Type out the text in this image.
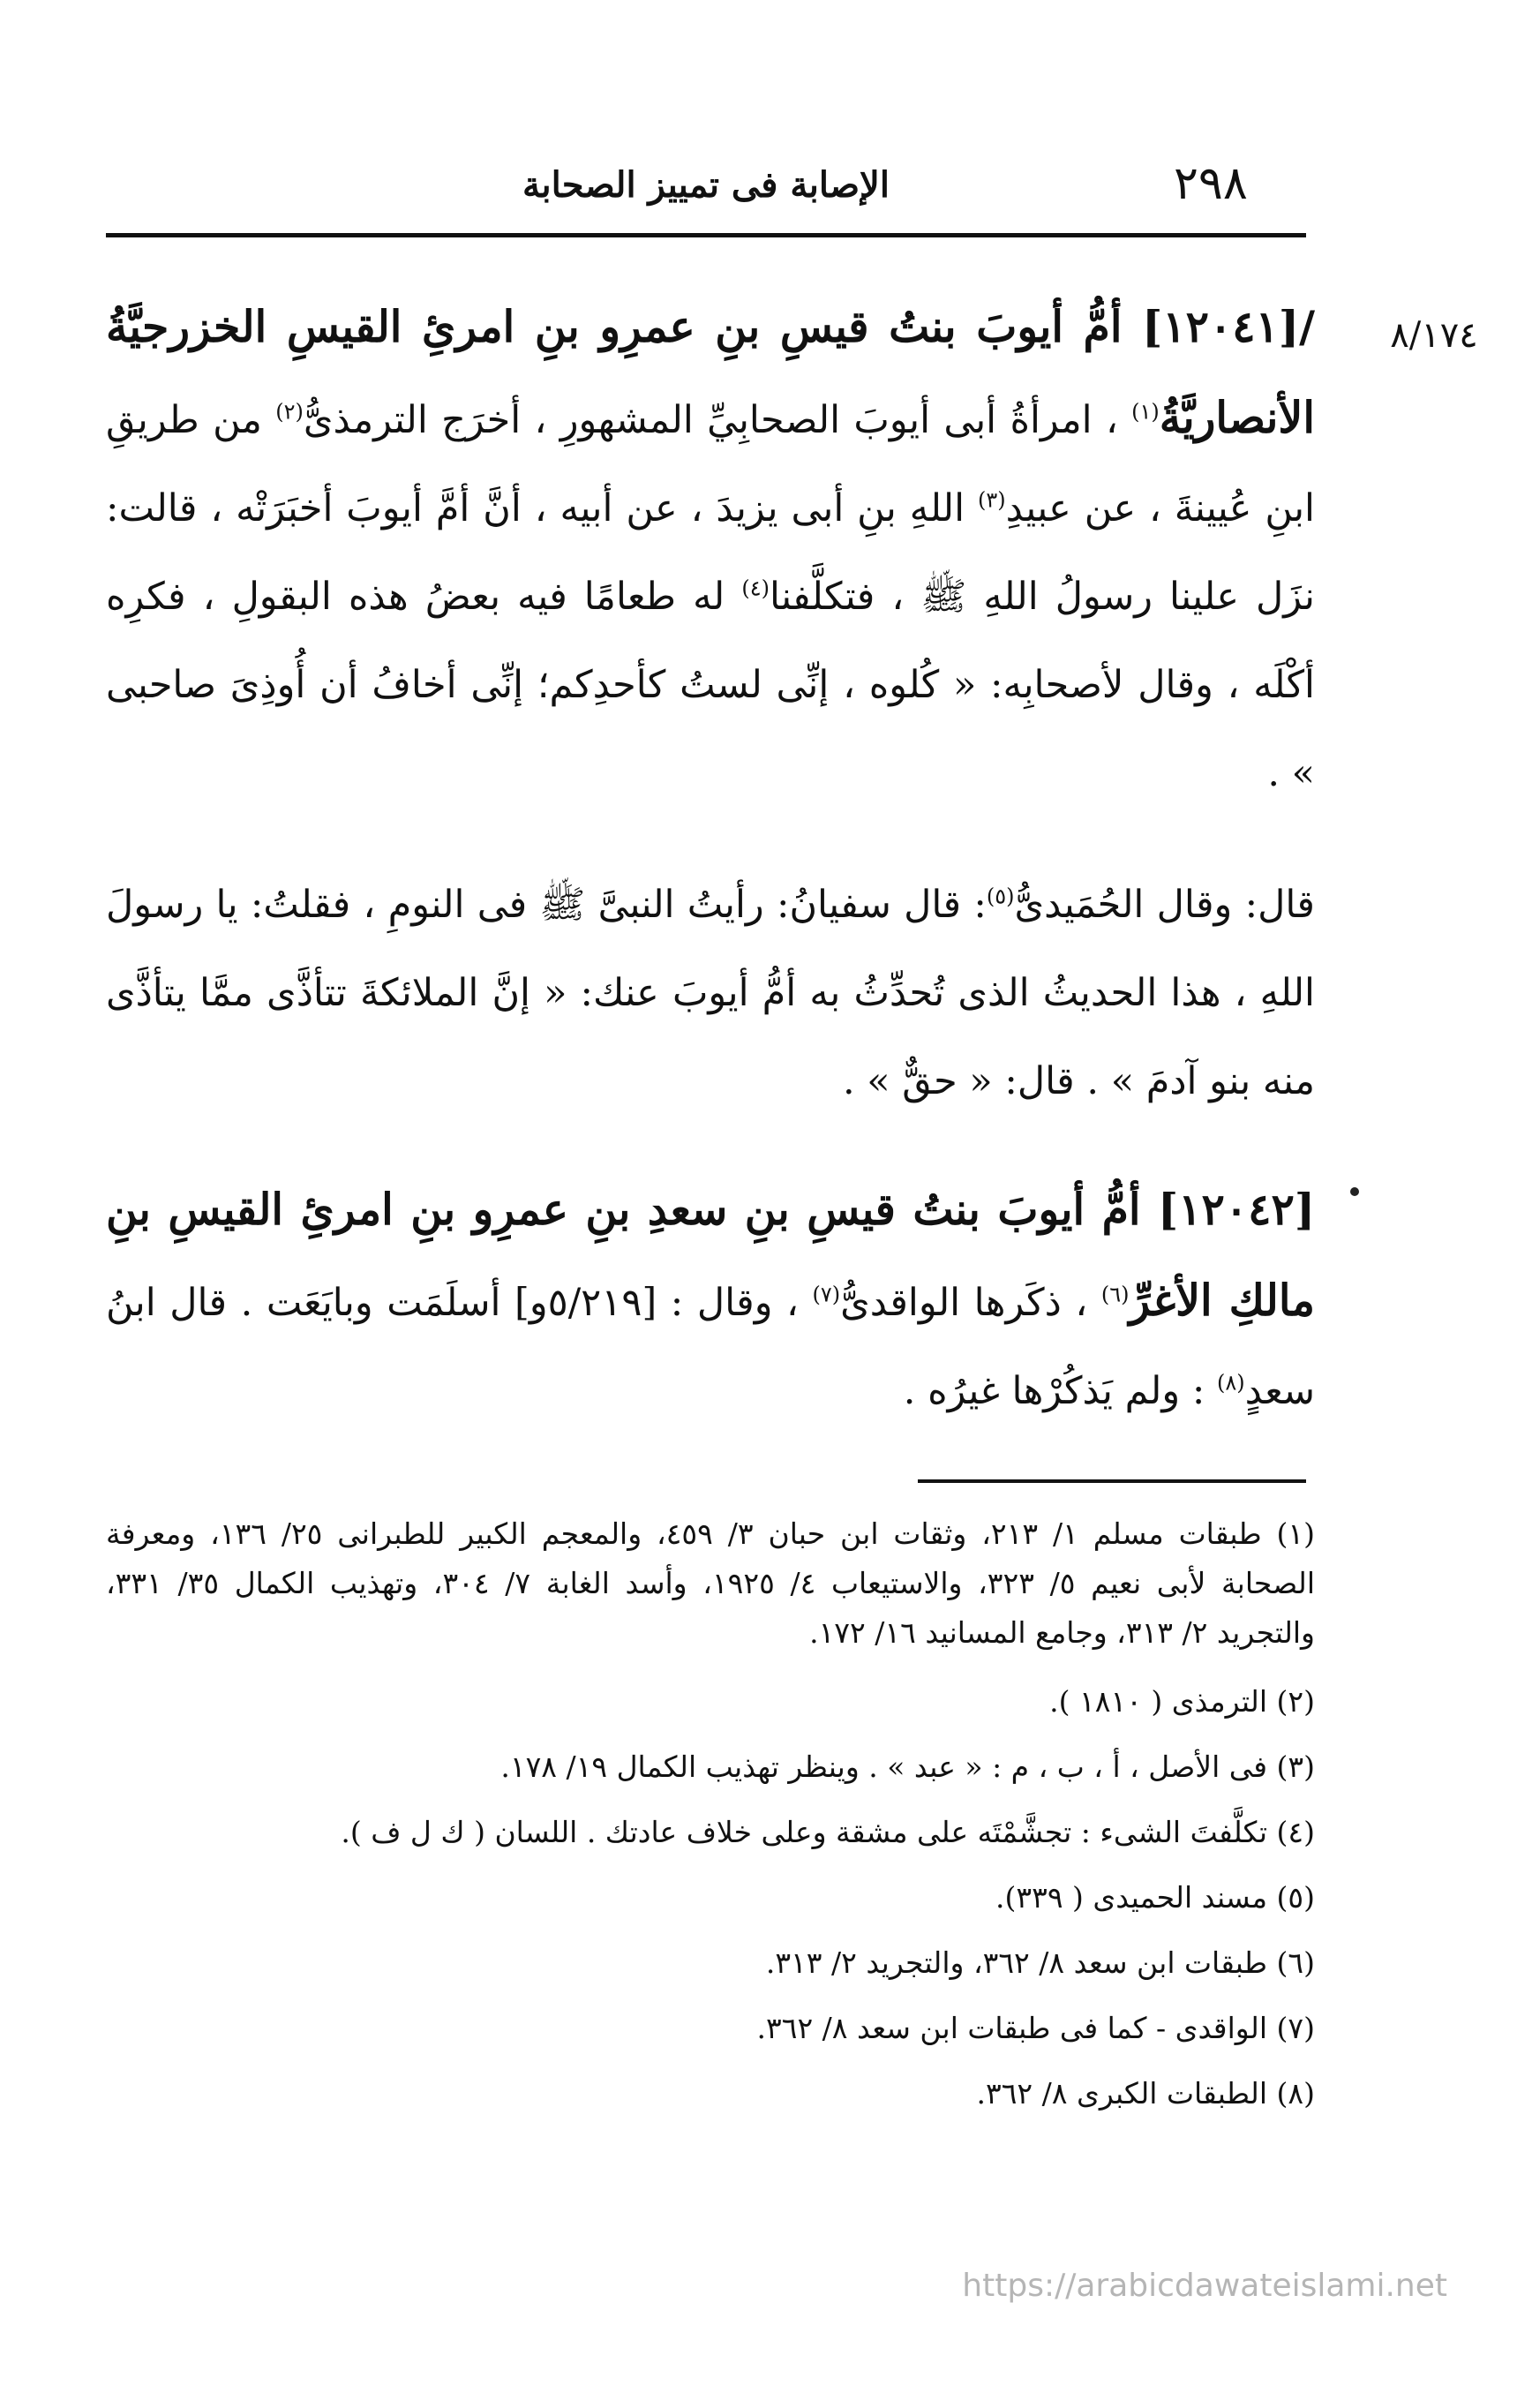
٢٩٨
الإصابة فى تمييز الصحابة
٨/١٧٤
/[١٢٠٤١] أمُّ أيوبَ بنتُ قيسِ بنِ عمرِو بنِ امرئِ القيسِ الخزرجيَّةُ الأنصاريَّةُ$^{(١)}$ ، امرأةُ أبى أيوبَ الصحابِيِّ المشهورِ ، أخرَج الترمذىُّ$^{(٢)}$ من طريقِ ابنِ عُيينةَ ، عن عبيدِ$^{(٣)}$ اللهِ بنِ أبى يزيدَ ، عن أبيه ، أنَّ أمَّ أيوبَ أخبَرَتْه ، قالت: نزَل علينا رسولُ اللهِ ﷺ ، فتكلَّفنا$^{(٤)}$ له طعامًا فيه بعضُ هذه البقولِ ، فكرِه أكْلَه ، وقال لأصحابِه: « كُلوه ، إنِّى لستُ كأحدِكم؛ إنِّى أخافُ أن أُوذِىَ صاحبى » .
قال: وقال الحُمَيدىُّ$^{(٥)}$: قال سفيانُ: رأيتُ النبىَّ ﷺ فى النومِ ، فقلتُ: يا رسولَ اللهِ ، هذا الحديثُ الذى تُحدِّثُ به أمُّ أيوبَ عنك: « إنَّ الملائكةَ تتأذَّى ممَّا يتأذَّى منه بنو آدمَ » . قال: « حقٌّ » .
[١٢٠٤٢] أمُّ أيوبَ بنتُ قيسِ بنِ سعدِ بنِ عمرِو بنِ امرئِ القيسِ بنِ مالكِ الأغرِّ$^{(٦)}$ ، ذكَرها الواقدىُّ$^{(٧)}$ ، وقال : [٥/٢١٩و] أسلَمَت وبايَعَت . قال ابنُ سعدٍ$^{(٨)}$ : ولم يَذكُرْها غيرُه .
(١) طبقات مسلم ١/ ٢١٣، وثقات ابن حبان ٣/ ٤٥٩، والمعجم الكبير للطبرانى ٢٥/ ١٣٦، ومعرفة الصحابة لأبى نعيم ٥/ ٣٢٣، والاستيعاب ٤/ ١٩٢٥، وأسد الغابة ٧/ ٣٠٤، وتهذيب الكمال ٣٥/ ٣٣١، والتجريد ٢/ ٣١٣، وجامع المسانيد ١٦/ ١٧٢.
(٢) الترمذى ( ١٨١٠ ).
(٣) فى الأصل ، أ ، ب ، م : « عبد » . وينظر تهذيب الكمال ١٩/ ١٧٨.
(٤) تكلَّفتَ الشىء : تجشَّمْتَه على مشقة وعلى خلاف عادتك . اللسان ( ك ل ف ).
(٥) مسند الحميدى ( ٣٣٩).
(٦) طبقات ابن سعد ٨/ ٣٦٢، والتجريد ٢/ ٣١٣.
(٧) الواقدى - كما فى طبقات ابن سعد ٨/ ٣٦٢.
(٨) الطبقات الكبرى ٨/ ٣٦٢.
https://arabicdawateislami.net
